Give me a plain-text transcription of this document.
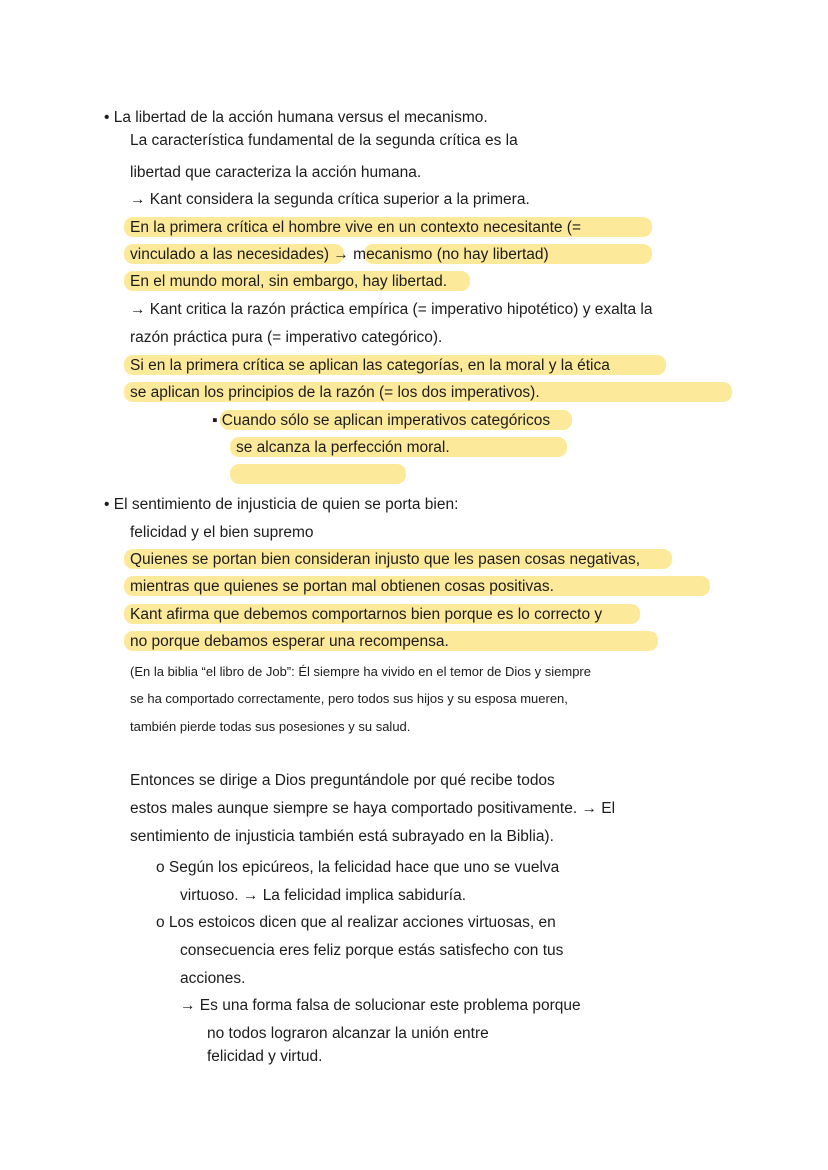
• La libertad de la acción humana versus el mecanismo.
La característica fundamental de la segunda crítica es la
libertad que caracteriza la acción humana.
→ Kant considera la segunda crítica superior a la primera.
En la primera crítica el hombre vive en un contexto necesitante (=
vinculado a las necesidades) → mecanismo (no hay libertad)
En el mundo moral, sin embargo, hay libertad.
→ Kant critica la razón práctica empírica (= imperativo hipotético) y exalta la
razón práctica pura (= imperativo categórico).
Si en la primera crítica se aplican las categorías, en la moral y la ética
se aplican los principios de la razón (= los dos imperativos).
▪ Cuando sólo se aplican imperativos categóricos
se alcanza la perfección moral.
• El sentimiento de injusticia de quien se porta bien:
felicidad y el bien supremo
Quienes se portan bien consideran injusto que les pasen cosas negativas,
mientras que quienes se portan mal obtienen cosas positivas.
Kant afirma que debemos comportarnos bien porque es lo correcto y
no porque debamos esperar una recompensa.
(En la biblia “el libro de Job”: Él siempre ha vivido en el temor de Dios y siempre
se ha comportado correctamente, pero todos sus hijos y su esposa mueren,
también pierde todas sus posesiones y su salud.
Entonces se dirige a Dios preguntándole por qué recibe todos
estos males aunque siempre se haya comportado positivamente. → El
sentimiento de injusticia también está subrayado en la Biblia).
o Según los epicúreos, la felicidad hace que uno se vuelva
virtuoso. → La felicidad implica sabiduría.
o Los estoicos dicen que al realizar acciones virtuosas, en
consecuencia eres feliz porque estás satisfecho con tus
acciones.
→ Es una forma falsa de solucionar este problema porque
no todos lograron alcanzar la unión entre
felicidad y virtud.
